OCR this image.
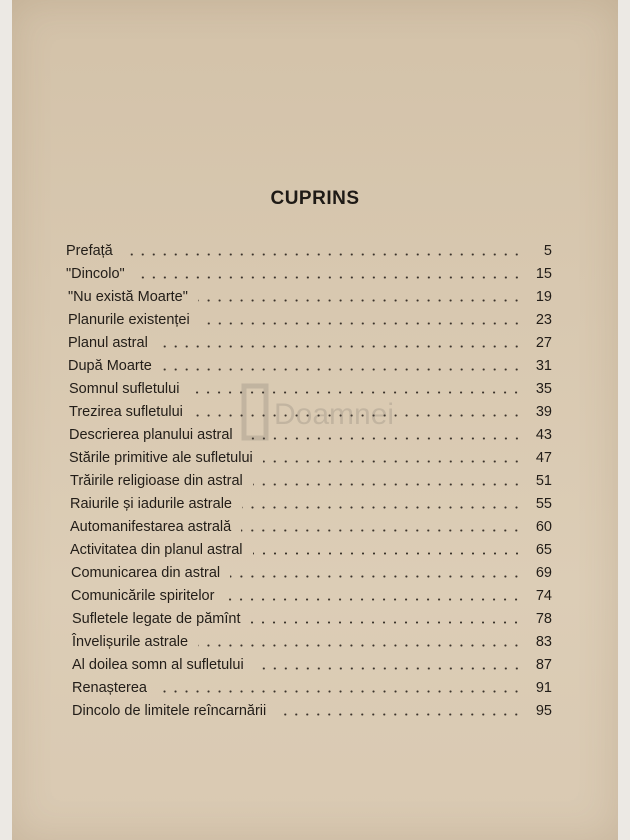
CUPRINS
Prefață	5
"Dincolo"	15
"Nu există Moarte"	19
Planurile existenței	23
Planul astral	27
După Moarte	31
Somnul sufletului	35
Trezirea sufletului	39
Descrierea planului astral	43
Stările primitive ale sufletului	47
Trăirile religioase din astral	51
Raiurile și iadurile astrale	55
Automanifestarea astrală	60
Activitatea din planul astral	65
Comunicarea din astral	69
Comunicările spiritelor	74
Sufletele legate de pămînt	78
Învelișurile astrale	83
Al doilea somn al sufletului	87
Renașterea	91
Dincolo de limitele reîncarnării	95
Doamnei
